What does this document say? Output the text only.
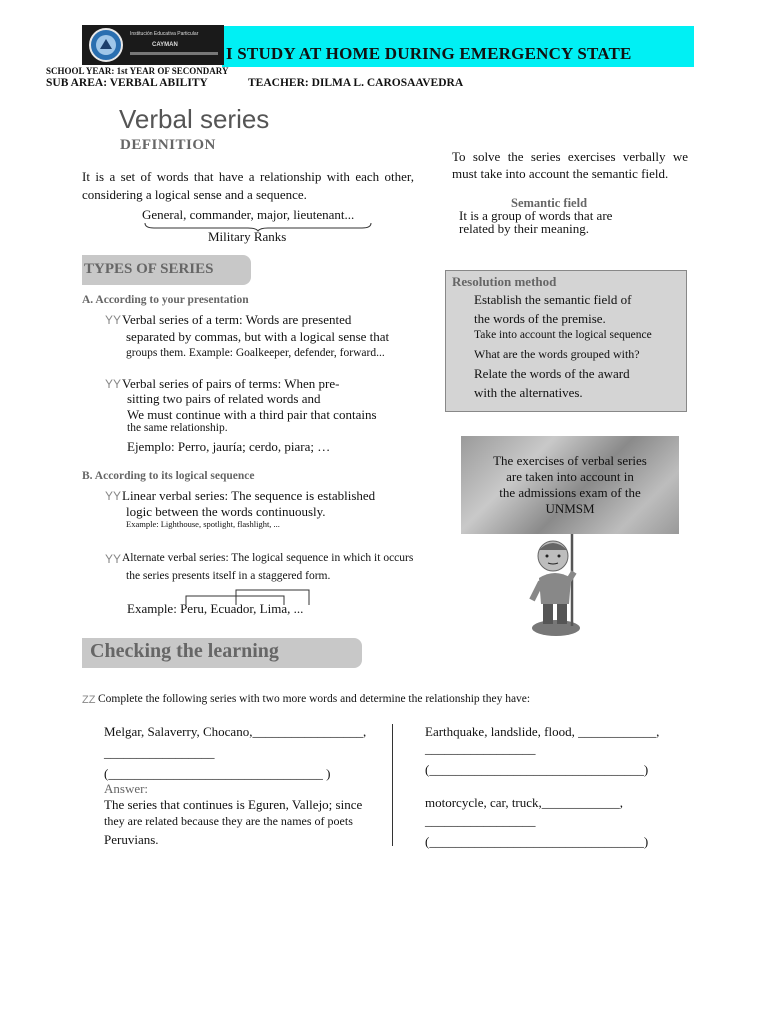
I STUDY AT HOME DURING EMERGENCY STATE
Institución Educativa Particular
CAYMAN
SCHOOL YEAR: 1st YEAR OF SECONDARY
SUB AREA: VERBAL ABILITY	TEACHER: DILMA L. CAROSAAVEDRA
Verbal series
DEFINITION
It is a set of words that have a relationship with each other, considering a logical sense and a sequence.
General, commander, major, lieutenant...
Military Ranks
To solve the series exercises verbally we must take into account the semantic field.
Semantic field
It is a group of words that are
related by their meaning.
TYPES OF SERIES
A. According to your presentation
YY Verbal series of a term: Words are presented
separated by commas, but with a logical sense that
groups them. Example: Goalkeeper, defender, forward...
YY Verbal series of pairs of terms: When pre-
sitting two pairs of related words and
We must continue with a third pair that contains
the same relationship.
Ejemplo: Perro, jauría; cerdo, piara; …
B. According to its logical sequence
YY Linear verbal series: The sequence is established
logic between the words continuously.
Example: Lighthouse, spotlight, flashlight, ...
YY Alternate verbal series: The logical sequence in which it occurs
the series presents itself in a staggered form.
Example: Peru, Ecuador, Lima, ...
Resolution method
Establish the semantic field of
the words of the premise.
Take into account the logical sequence
What are the words grouped with?
Relate the words of the award
with the alternatives.
The exercises of verbal series
are taken into account in
the admissions exam of the
UNMSM
Checking the learning
ZZ Complete the following series with two more words and determine the relationship they have:
Melgar, Salaverry, Chocano,_________________,
_________________
(_________________________________ )
Answer:
The series that continues is Eguren, Vallejo; since
they are related because they are the names of poets
Peruvians.
Earthquake, landslide, flood, ____________,
_________________
(_________________________________)
motorcycle, car, truck,____________,
_________________
(_________________________________)
